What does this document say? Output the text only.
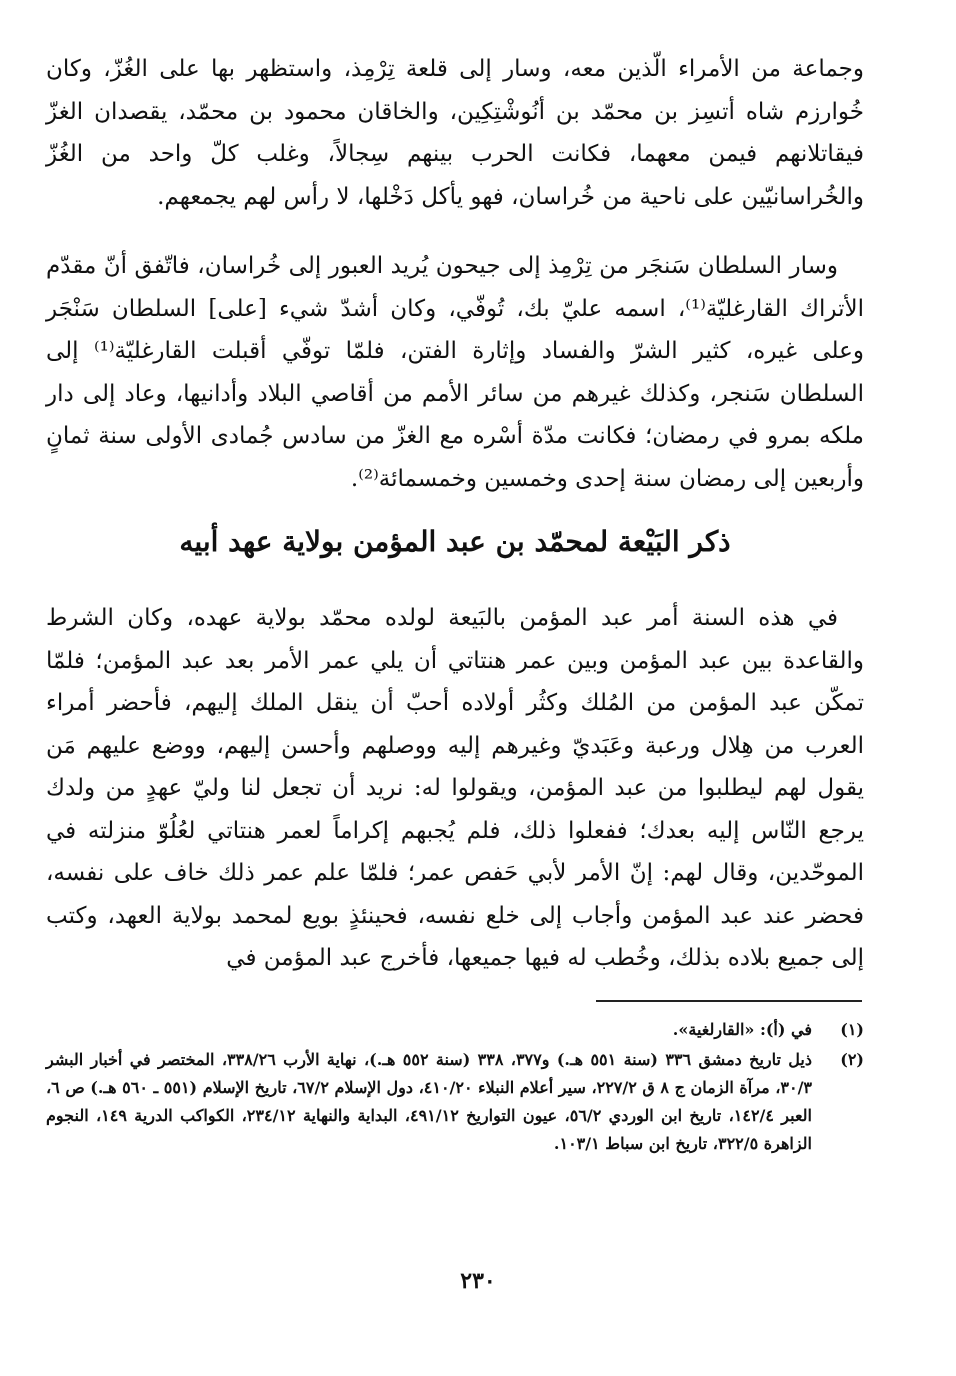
وجماعة من الأمراء الّذين معه، وسار إلى قلعة تِرْمِذ، واستظهر بها على الغُزّ، وكان خُوارزم شاه أتسِز بن محمّد بن أنُوشْتِكِين، والخاقان محمود بن محمّد، يقصدان الغزّ فيقاتلانهم فيمن معهما، فكانت الحرب بينهم سِجالاً، وغلب كلّ واحد من الغُزّ والخُراسانيّين على ناحية من خُراسان، فهو يأكل دَخْلها، لا رأس لهم يجمعهم.

وسار السلطان سَنجَر من تِرْمِذ إلى جيحون يُريد العبور إلى خُراسان، فاتّفق أنّ مقدّم الأتراك القارغليّة⁽¹⁾، اسمه عليّ بك، تُوفّي، وكان أشدّ شيء [على] السلطان سَنْجَر وعلى غيره، كثير الشرّ والفساد وإثارة الفتن، فلمّا توفّي أقبلت القارغليّة⁽¹⁾ إلى السلطان سَنجر، وكذلك غيرهم من سائر الأمم من أقاصي البلاد وأدانيها، وعاد إلى دار ملكه بمرو في رمضان؛ فكانت مدّة أسْره مع الغزّ من سادس جُمادى الأولى سنة ثمانٍ وأربعين إلى رمضان سنة إحدى وخمسين وخمسمائة⁽²⁾.

ذكر البَيْعة لمحمّد بن عبد المؤمن بولاية عهد أبيه

في هذه السنة أمر عبد المؤمن بالبَيعة لولده محمّد بولاية عهده، وكان الشرط والقاعدة بين عبد المؤمن وبين عمر هنتاتي أن يلي عمر الأمر بعد عبد المؤمن؛ فلمّا تمكّن عبد المؤمن من المُلك وكثُر أولاده أحبّ أن ينقل الملك إليهم، فأحضر أمراء العرب من هِلال ورعبة وعَبَديّ وغيرهم إليه ووصلهم وأحسن إليهم، ووضع عليهم مَن يقول لهم ليطلبوا من عبد المؤمن، ويقولوا له: نريد أن تجعل لنا وليّ عهدٍ من ولدك يرجع النّاس إليه بعدك؛ ففعلوا ذلك، فلم يُجبهم إكراماً لعمر هنتاتي لعُلُوّ منزلته في الموحّدين، وقال لهم: إنّ الأمر لأبي حَفص عمر؛ فلمّا علم عمر ذلك خاف على نفسه، فحضر عند عبد المؤمن وأجاب إلى خلع نفسه، فحينئذٍ بويع لمحمد بولاية العهد، وكتب إلى جميع بلاده بذلك، وخُطب له فيها جميعها، فأخرج عبد المؤمن في

(١)
في (أ): «القارلغية».
(٢)
ذيل تاريخ دمشق ٣٣٦ (سنة ٥٥١ هـ.) و٣٧٧، ٣٣٨ (سنة ٥٥٢ هـ.)، نهاية الأرب ٣٣٨/٢٦، المختصر في أخبار البشر ٣٠/٣، مرآة الزمان ج ٨ ق ٢٢٧/٢، سير أعلام النبلاء ٤١٠/٢٠، دول الإسلام ٦٧/٢، تاريخ الإسلام (٥٥١ ـ ٥٦٠ هـ.) ص ٦، العبر ١٤٢/٤، تاريخ ابن الوردي ٥٦/٢، عيون التواريخ ٤٩١/١٢، البداية والنهاية ٢٣٤/١٢، الكواكب الدرية ١٤٩، النجوم الزاهرة ٣٢٢/٥، تاريخ ابن سباط ١٠٣/١.
٢٣٠
